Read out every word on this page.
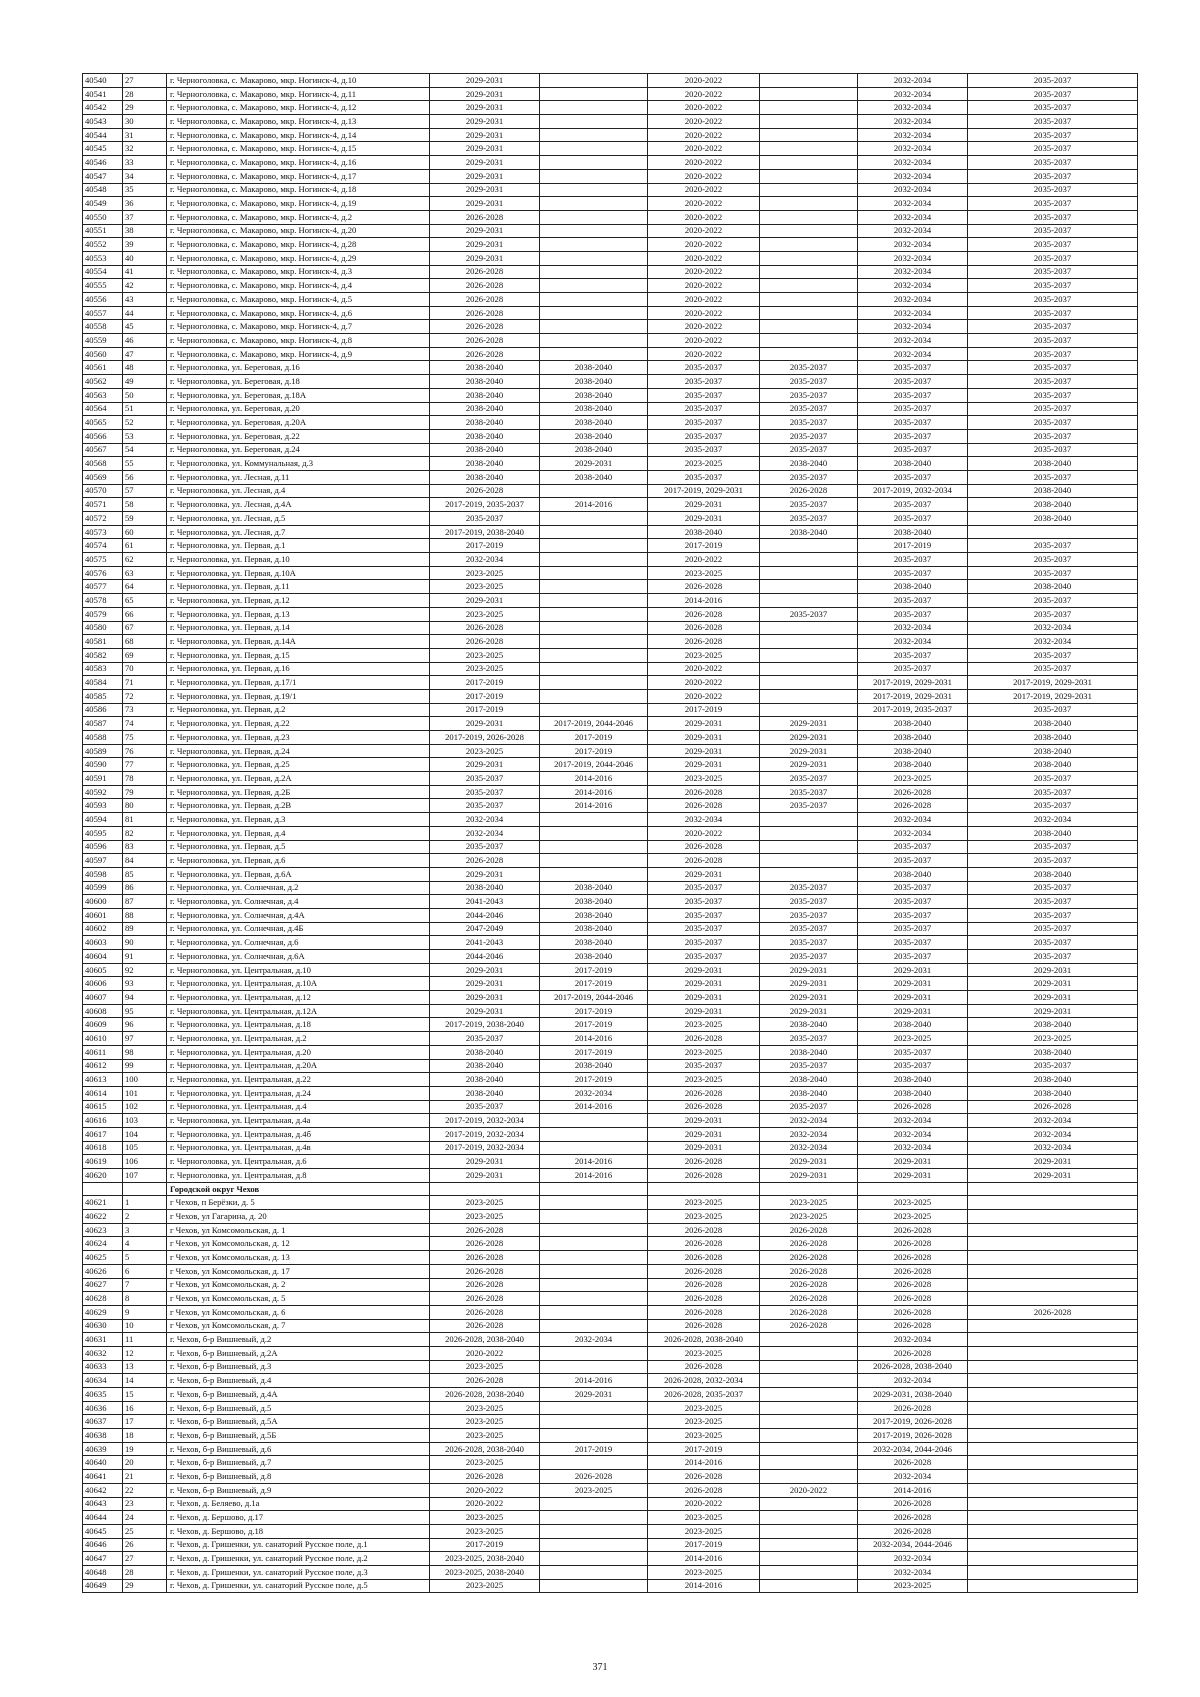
40540	27	г. Черноголовка, с. Макарово, мкр. Ногинск-4, д.10	2029-2031		2020-2022		2032-2034	2035-2037
40541	28	г. Черноголовка, с. Макарово, мкр. Ногинск-4, д.11	2029-2031		2020-2022		2032-2034	2035-2037
40542	29	г. Черноголовка, с. Макарово, мкр. Ногинск-4, д.12	2029-2031		2020-2022		2032-2034	2035-2037
40543	30	г. Черноголовка, с. Макарово, мкр. Ногинск-4, д.13	2029-2031		2020-2022		2032-2034	2035-2037
40544	31	г. Черноголовка, с. Макарово, мкр. Ногинск-4, д.14	2029-2031		2020-2022		2032-2034	2035-2037
40545	32	г. Черноголовка, с. Макарово, мкр. Ногинск-4, д.15	2029-2031		2020-2022		2032-2034	2035-2037
40546	33	г. Черноголовка, с. Макарово, мкр. Ногинск-4, д.16	2029-2031		2020-2022		2032-2034	2035-2037
40547	34	г. Черноголовка, с. Макарово, мкр. Ногинск-4, д.17	2029-2031		2020-2022		2032-2034	2035-2037
40548	35	г. Черноголовка, с. Макарово, мкр. Ногинск-4, д.18	2029-2031		2020-2022		2032-2034	2035-2037
40549	36	г. Черноголовка, с. Макарово, мкр. Ногинск-4, д.19	2029-2031		2020-2022		2032-2034	2035-2037
40550	37	г. Черноголовка, с. Макарово, мкр. Ногинск-4, д.2	2026-2028		2020-2022		2032-2034	2035-2037
40551	38	г. Черноголовка, с. Макарово, мкр. Ногинск-4, д.20	2029-2031		2020-2022		2032-2034	2035-2037
40552	39	г. Черноголовка, с. Макарово, мкр. Ногинск-4, д.28	2029-2031		2020-2022		2032-2034	2035-2037
40553	40	г. Черноголовка, с. Макарово, мкр. Ногинск-4, д.29	2029-2031		2020-2022		2032-2034	2035-2037
40554	41	г. Черноголовка, с. Макарово, мкр. Ногинск-4, д.3	2026-2028		2020-2022		2032-2034	2035-2037
40555	42	г. Черноголовка, с. Макарово, мкр. Ногинск-4, д.4	2026-2028		2020-2022		2032-2034	2035-2037
40556	43	г. Черноголовка, с. Макарово, мкр. Ногинск-4, д.5	2026-2028		2020-2022		2032-2034	2035-2037
40557	44	г. Черноголовка, с. Макарово, мкр. Ногинск-4, д.6	2026-2028		2020-2022		2032-2034	2035-2037
40558	45	г. Черноголовка, с. Макарово, мкр. Ногинск-4, д.7	2026-2028		2020-2022		2032-2034	2035-2037
40559	46	г. Черноголовка, с. Макарово, мкр. Ногинск-4, д.8	2026-2028		2020-2022		2032-2034	2035-2037
40560	47	г. Черноголовка, с. Макарово, мкр. Ногинск-4, д.9	2026-2028		2020-2022		2032-2034	2035-2037
40561	48	г. Черноголовка, ул. Береговая, д.16	2038-2040	2038-2040	2035-2037	2035-2037	2035-2037	2035-2037
40562	49	г. Черноголовка, ул. Береговая, д.18	2038-2040	2038-2040	2035-2037	2035-2037	2035-2037	2035-2037
40563	50	г. Черноголовка, ул. Береговая, д.18А	2038-2040	2038-2040	2035-2037	2035-2037	2035-2037	2035-2037
40564	51	г. Черноголовка, ул. Береговая, д.20	2038-2040	2038-2040	2035-2037	2035-2037	2035-2037	2035-2037
40565	52	г. Черноголовка, ул. Береговая, д.20А	2038-2040	2038-2040	2035-2037	2035-2037	2035-2037	2035-2037
40566	53	г. Черноголовка, ул. Береговая, д.22	2038-2040	2038-2040	2035-2037	2035-2037	2035-2037	2035-2037
40567	54	г. Черноголовка, ул. Береговая, д.24	2038-2040	2038-2040	2035-2037	2035-2037	2035-2037	2035-2037
40568	55	г. Черноголовка, ул. Коммунальная, д.3	2038-2040	2029-2031	2023-2025	2038-2040	2038-2040	2038-2040
40569	56	г. Черноголовка, ул. Лесная, д.11	2038-2040	2038-2040	2035-2037	2035-2037	2035-2037	2035-2037
40570	57	г. Черноголовка, ул. Лесная, д.4	2026-2028		2017-2019, 2029-2031	2026-2028	2017-2019, 2032-2034	2038-2040
40571	58	г. Черноголовка, ул. Лесная, д.4А	2017-2019, 2035-2037	2014-2016	2029-2031	2035-2037	2035-2037	2038-2040
40572	59	г. Черноголовка, ул. Лесная, д.5	2035-2037		2029-2031	2035-2037	2035-2037	2038-2040
40573	60	г. Черноголовка, ул. Лесная, д.7	2017-2019, 2038-2040		2038-2040	2038-2040	2038-2040	
40574	61	г. Черноголовка, ул. Первая, д.1	2017-2019		2017-2019		2017-2019	2035-2037
40575	62	г. Черноголовка, ул. Первая, д.10	2032-2034		2020-2022		2035-2037	2035-2037
40576	63	г. Черноголовка, ул. Первая, д.10А	2023-2025		2023-2025		2035-2037	2035-2037
40577	64	г. Черноголовка, ул. Первая, д.11	2023-2025		2026-2028		2038-2040	2038-2040
40578	65	г. Черноголовка, ул. Первая, д.12	2029-2031		2014-2016		2035-2037	2035-2037
40579	66	г. Черноголовка, ул. Первая, д.13	2023-2025		2026-2028	2035-2037	2035-2037	2035-2037
40580	67	г. Черноголовка, ул. Первая, д.14	2026-2028		2026-2028		2032-2034	2032-2034
40581	68	г. Черноголовка, ул. Первая, д.14А	2026-2028		2026-2028		2032-2034	2032-2034
40582	69	г. Черноголовка, ул. Первая, д.15	2023-2025		2023-2025		2035-2037	2035-2037
40583	70	г. Черноголовка, ул. Первая, д.16	2023-2025		2020-2022		2035-2037	2035-2037
40584	71	г. Черноголовка, ул. Первая, д.17/1	2017-2019		2020-2022		2017-2019, 2029-2031	2017-2019, 2029-2031
40585	72	г. Черноголовка, ул. Первая, д.19/1	2017-2019		2020-2022		2017-2019, 2029-2031	2017-2019, 2029-2031
40586	73	г. Черноголовка, ул. Первая, д.2	2017-2019		2017-2019		2017-2019, 2035-2037	2035-2037
40587	74	г. Черноголовка, ул. Первая, д.22	2029-2031	2017-2019, 2044-2046	2029-2031	2029-2031	2038-2040	2038-2040
40588	75	г. Черноголовка, ул. Первая, д.23	2017-2019, 2026-2028	2017-2019	2029-2031	2029-2031	2038-2040	2038-2040
40589	76	г. Черноголовка, ул. Первая, д.24	2023-2025	2017-2019	2029-2031	2029-2031	2038-2040	2038-2040
40590	77	г. Черноголовка, ул. Первая, д.25	2029-2031	2017-2019, 2044-2046	2029-2031	2029-2031	2038-2040	2038-2040
40591	78	г. Черноголовка, ул. Первая, д.2А	2035-2037	2014-2016	2023-2025	2035-2037	2023-2025	2035-2037
40592	79	г. Черноголовка, ул. Первая, д.2Б	2035-2037	2014-2016	2026-2028	2035-2037	2026-2028	2035-2037
40593	80	г. Черноголовка, ул. Первая, д.2В	2035-2037	2014-2016	2026-2028	2035-2037	2026-2028	2035-2037
40594	81	г. Черноголовка, ул. Первая, д.3	2032-2034		2032-2034		2032-2034	2032-2034
40595	82	г. Черноголовка, ул. Первая, д.4	2032-2034		2020-2022		2032-2034	2038-2040
40596	83	г. Черноголовка, ул. Первая, д.5	2035-2037		2026-2028		2035-2037	2035-2037
40597	84	г. Черноголовка, ул. Первая, д.6	2026-2028		2026-2028		2035-2037	2035-2037
40598	85	г. Черноголовка, ул. Первая, д.6А	2029-2031		2029-2031		2038-2040	2038-2040
40599	86	г. Черноголовка, ул. Солнечная, д.2	2038-2040	2038-2040	2035-2037	2035-2037	2035-2037	2035-2037
40600	87	г. Черноголовка, ул. Солнечная, д.4	2041-2043	2038-2040	2035-2037	2035-2037	2035-2037	2035-2037
40601	88	г. Черноголовка, ул. Солнечная, д.4А	2044-2046	2038-2040	2035-2037	2035-2037	2035-2037	2035-2037
40602	89	г. Черноголовка, ул. Солнечная, д.4Б	2047-2049	2038-2040	2035-2037	2035-2037	2035-2037	2035-2037
40603	90	г. Черноголовка, ул. Солнечная, д.6	2041-2043	2038-2040	2035-2037	2035-2037	2035-2037	2035-2037
40604	91	г. Черноголовка, ул. Солнечная, д.6А	2044-2046	2038-2040	2035-2037	2035-2037	2035-2037	2035-2037
40605	92	г. Черноголовка, ул. Центральная, д.10	2029-2031	2017-2019	2029-2031	2029-2031	2029-2031	2029-2031
40606	93	г. Черноголовка, ул. Центральная, д.10А	2029-2031	2017-2019	2029-2031	2029-2031	2029-2031	2029-2031
40607	94	г. Черноголовка, ул. Центральная, д.12	2029-2031	2017-2019, 2044-2046	2029-2031	2029-2031	2029-2031	2029-2031
40608	95	г. Черноголовка, ул. Центральная, д.12А	2029-2031	2017-2019	2029-2031	2029-2031	2029-2031	2029-2031
40609	96	г. Черноголовка, ул. Центральная, д.18	2017-2019, 2038-2040	2017-2019	2023-2025	2038-2040	2038-2040	2038-2040
40610	97	г. Черноголовка, ул. Центральная, д.2	2035-2037	2014-2016	2026-2028	2035-2037	2023-2025	2023-2025
40611	98	г. Черноголовка, ул. Центральная, д.20	2038-2040	2017-2019	2023-2025	2038-2040	2035-2037	2038-2040
40612	99	г. Черноголовка, ул. Центральная, д.20А	2038-2040	2038-2040	2035-2037	2035-2037	2035-2037	2035-2037
40613	100	г. Черноголовка, ул. Центральная, д.22	2038-2040	2017-2019	2023-2025	2038-2040	2038-2040	2038-2040
40614	101	г. Черноголовка, ул. Центральная, д.24	2038-2040	2032-2034	2026-2028	2038-2040	2038-2040	2038-2040
40615	102	г. Черноголовка, ул. Центральная, д.4	2035-2037	2014-2016	2026-2028	2035-2037	2026-2028	2026-2028
40616	103	г. Черноголовка, ул. Центральная, д.4а	2017-2019, 2032-2034		2029-2031	2032-2034	2032-2034	2032-2034
40617	104	г. Черноголовка, ул. Центральная, д.4б	2017-2019, 2032-2034		2029-2031	2032-2034	2032-2034	2032-2034
40618	105	г. Черноголовка, ул. Центральная, д.4в	2017-2019, 2032-2034		2029-2031	2032-2034	2032-2034	2032-2034
40619	106	г. Черноголовка, ул. Центральная, д.6	2029-2031	2014-2016	2026-2028	2029-2031	2029-2031	2029-2031
40620	107	г. Черноголовка, ул. Центральная, д.8	2029-2031	2014-2016	2026-2028	2029-2031	2029-2031	2029-2031
		Городской округ Чехов						
40621	1	г Чехов, п Берёзки, д. 5	2023-2025		2023-2025	2023-2025	2023-2025	
40622	2	г Чехов, ул Гагарина, д. 20	2023-2025		2023-2025	2023-2025	2023-2025	
40623	3	г Чехов, ул Комсомольская, д. 1	2026-2028		2026-2028	2026-2028	2026-2028	
40624	4	г Чехов, ул Комсомольская, д. 12	2026-2028		2026-2028	2026-2028	2026-2028	
40625	5	г Чехов, ул Комсомольская, д. 13	2026-2028		2026-2028	2026-2028	2026-2028	
40626	6	г Чехов, ул Комсомольская, д. 17	2026-2028		2026-2028	2026-2028	2026-2028	
40627	7	г Чехов, ул Комсомольская, д. 2	2026-2028		2026-2028	2026-2028	2026-2028	
40628	8	г Чехов, ул Комсомольская, д. 5	2026-2028		2026-2028	2026-2028	2026-2028	
40629	9	г Чехов, ул Комсомольская, д. 6	2026-2028		2026-2028	2026-2028	2026-2028	2026-2028
40630	10	г Чехов, ул Комсомольская, д. 7	2026-2028		2026-2028	2026-2028	2026-2028	
40631	11	г. Чехов, б-р Вишневый, д.2	2026-2028, 2038-2040	2032-2034	2026-2028, 2038-2040		2032-2034	
40632	12	г. Чехов, б-р Вишневый, д.2А	2020-2022		2023-2025		2026-2028	
40633	13	г. Чехов, б-р Вишневый, д.3	2023-2025		2026-2028		2026-2028, 2038-2040	
40634	14	г. Чехов, б-р Вишневый, д.4	2026-2028	2014-2016	2026-2028, 2032-2034		2032-2034	
40635	15	г. Чехов, б-р Вишневый, д.4А	2026-2028, 2038-2040	2029-2031	2026-2028, 2035-2037		2029-2031, 2038-2040	
40636	16	г. Чехов, б-р Вишневый, д.5	2023-2025		2023-2025		2026-2028	
40637	17	г. Чехов, б-р Вишневый, д.5А	2023-2025		2023-2025		2017-2019, 2026-2028	
40638	18	г. Чехов, б-р Вишневый, д.5Б	2023-2025		2023-2025		2017-2019, 2026-2028	
40639	19	г. Чехов, б-р Вишневый, д.6	2026-2028, 2038-2040	2017-2019	2017-2019		2032-2034, 2044-2046	
40640	20	г. Чехов, б-р Вишневый, д.7	2023-2025		2014-2016		2026-2028	
40641	21	г. Чехов, б-р Вишневый, д.8	2026-2028	2026-2028	2026-2028		2032-2034	
40642	22	г. Чехов, б-р Вишневый, д.9	2020-2022	2023-2025	2026-2028	2020-2022	2014-2016	
40643	23	г. Чехов, д. Беляево, д.1а	2020-2022		2020-2022		2026-2028	
40644	24	г. Чехов, д. Бершово, д.17	2023-2025		2023-2025		2026-2028	
40645	25	г. Чехов, д. Бершово, д.18	2023-2025		2023-2025		2026-2028	
40646	26	г. Чехов, д. Гришенки, ул. санаторий Русское поле, д.1	2017-2019		2017-2019		2032-2034, 2044-2046	
40647	27	г. Чехов, д. Гришенки, ул. санаторий Русское поле, д.2	2023-2025, 2038-2040		2014-2016		2032-2034	
40648	28	г. Чехов, д. Гришенки, ул. санаторий Русское поле, д.3	2023-2025, 2038-2040		2023-2025		2032-2034	
40649	29	г. Чехов, д. Гришенки, ул. санаторий Русское поле, д.5	2023-2025		2014-2016		2023-2025	
371
